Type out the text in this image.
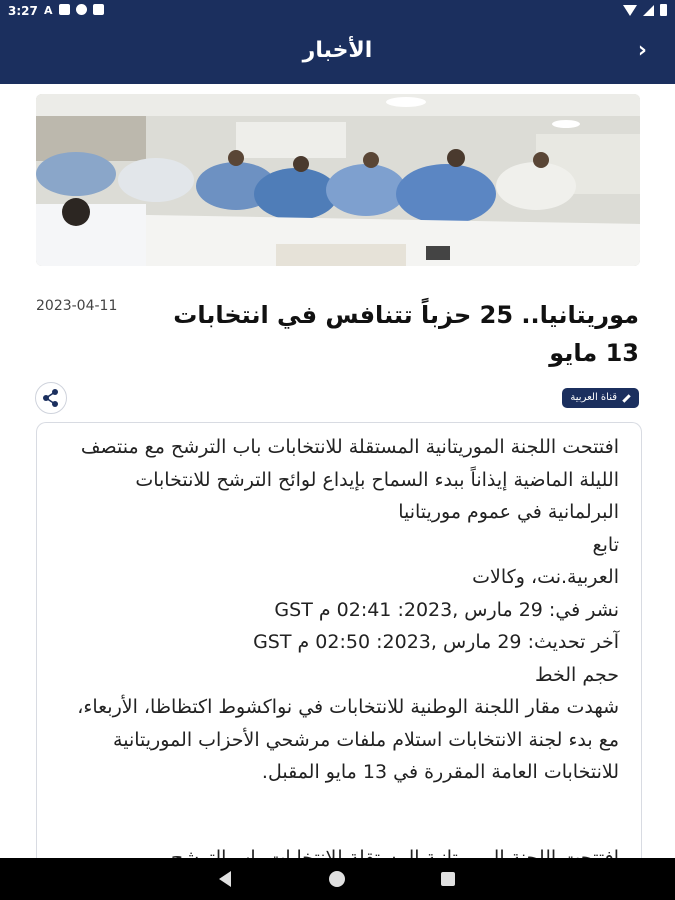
3:27 A
الأخبار	›
موريتانيا.. 25 حزباً تتنافس في انتخابات 13 مايو
2023-04-11
قناة العربية
افتتحت اللجنة الموريتانية المستقلة للانتخابات باب الترشح مع منتصف الليلة الماضية إيذاناً ببدء السماح بإيداع لوائح الترشح للانتخابات البرلمانية في عموم موريتانيا
تابع
العربية.نت، وكالات
نشر في: 29 مارس ,2023: 02:41 م GST
آخر تحديث: 29 مارس ,2023: 02:50 م GST
حجم الخط
شهدت مقار اللجنة الوطنية للانتخابات في نواكشوط اكتظاظا، الأربعاء، مع بدء لجنة الانتخابات استلام ملفات مرشحي الأحزاب الموريتانية للانتخابات العامة المقررة في 13 مايو المقبل.
